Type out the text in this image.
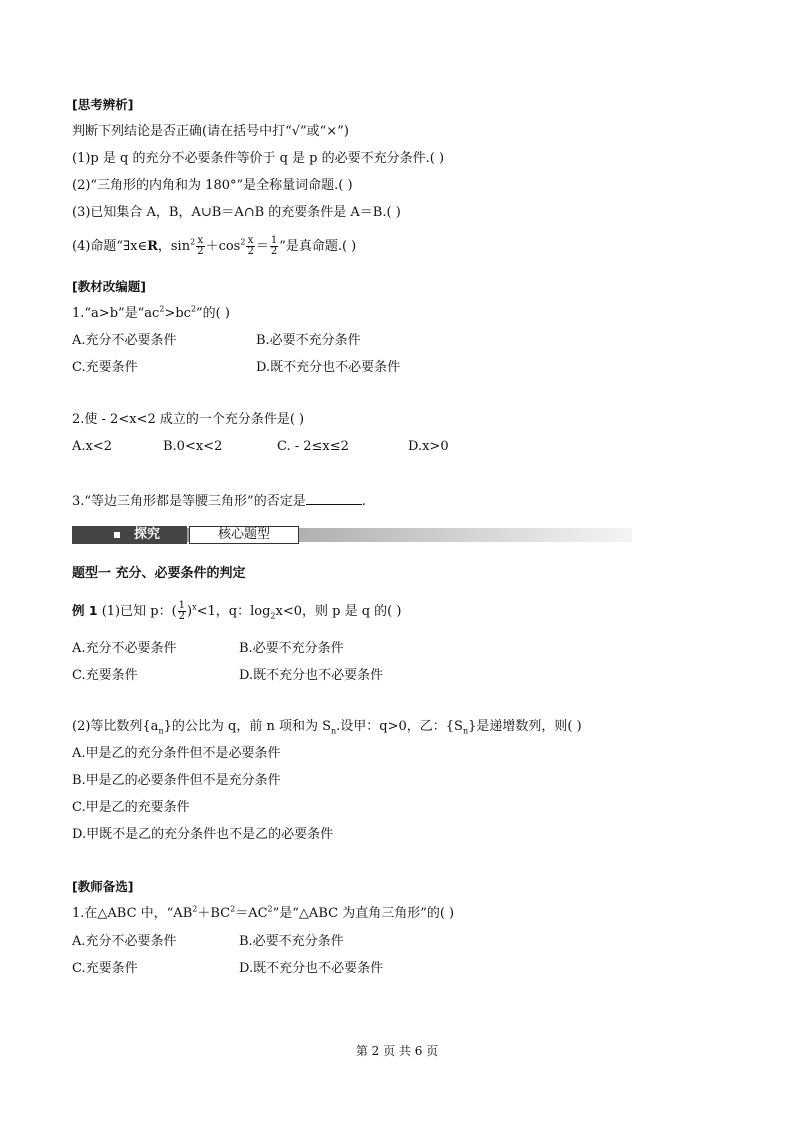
[思考辨析]
判断下列结论是否正确(请在括号中打“√”或“×”)
(1)p 是 q 的充分不必要条件等价于 q 是 p 的必要不充分条件.( )
(2)“三角形的内角和为 180°”是全称量词命题.( )
(3)已知集合 A，B，A∪B＝A∩B 的充要条件是 A＝B.( )
(4)命题“∃x∈R，$\sin^2 \frac{x}{2} +\cos^2 \frac{x}{2} = \frac{1}{2}$ ”是真命题.( )
[教材改编题]
1.“a>b”是“$ac^2>bc^2$”的( )
A.充分不必要条件	B.必要不充分条件
C.充要条件	D.既不充分也不必要条件
2.使 - 2<x<2 成立的一个充分条件是( )
A.x<2	B.0<x<2	C. - 2≤x≤2	D.x>0
3.“等边三角形都是等腰三角形”的否定是	.
探究	核心题型
题型一 充分、必要条件的判定
例 1 (1)已知 p：( $\frac{1}{2} )^x<1$，q：$\log_2x<0$，则 p 是 q 的( )
A.充分不必要条件	B.必要不充分条件
C.充要条件	D.既不充分也不必要条件
(2)等比数列$\{a_n\}$的公比为 q，前 n 项和为 $S_n$.设甲：q>0，乙：$\{S_n\}$是递增数列，则( )
A.甲是乙的充分条件但不是必要条件
B.甲是乙的必要条件但不是充分条件
C.甲是乙的充要条件
D.甲既不是乙的充分条件也不是乙的必要条件
[教师备选]
1.在△ABC 中，“$AB^2+BC^2=AC^2$”是“△ABC 为直角三角形”的( )
A.充分不必要条件	B.必要不充分条件
C.充要条件	D.既不充分也不必要条件
第 2 页 共 6 页
